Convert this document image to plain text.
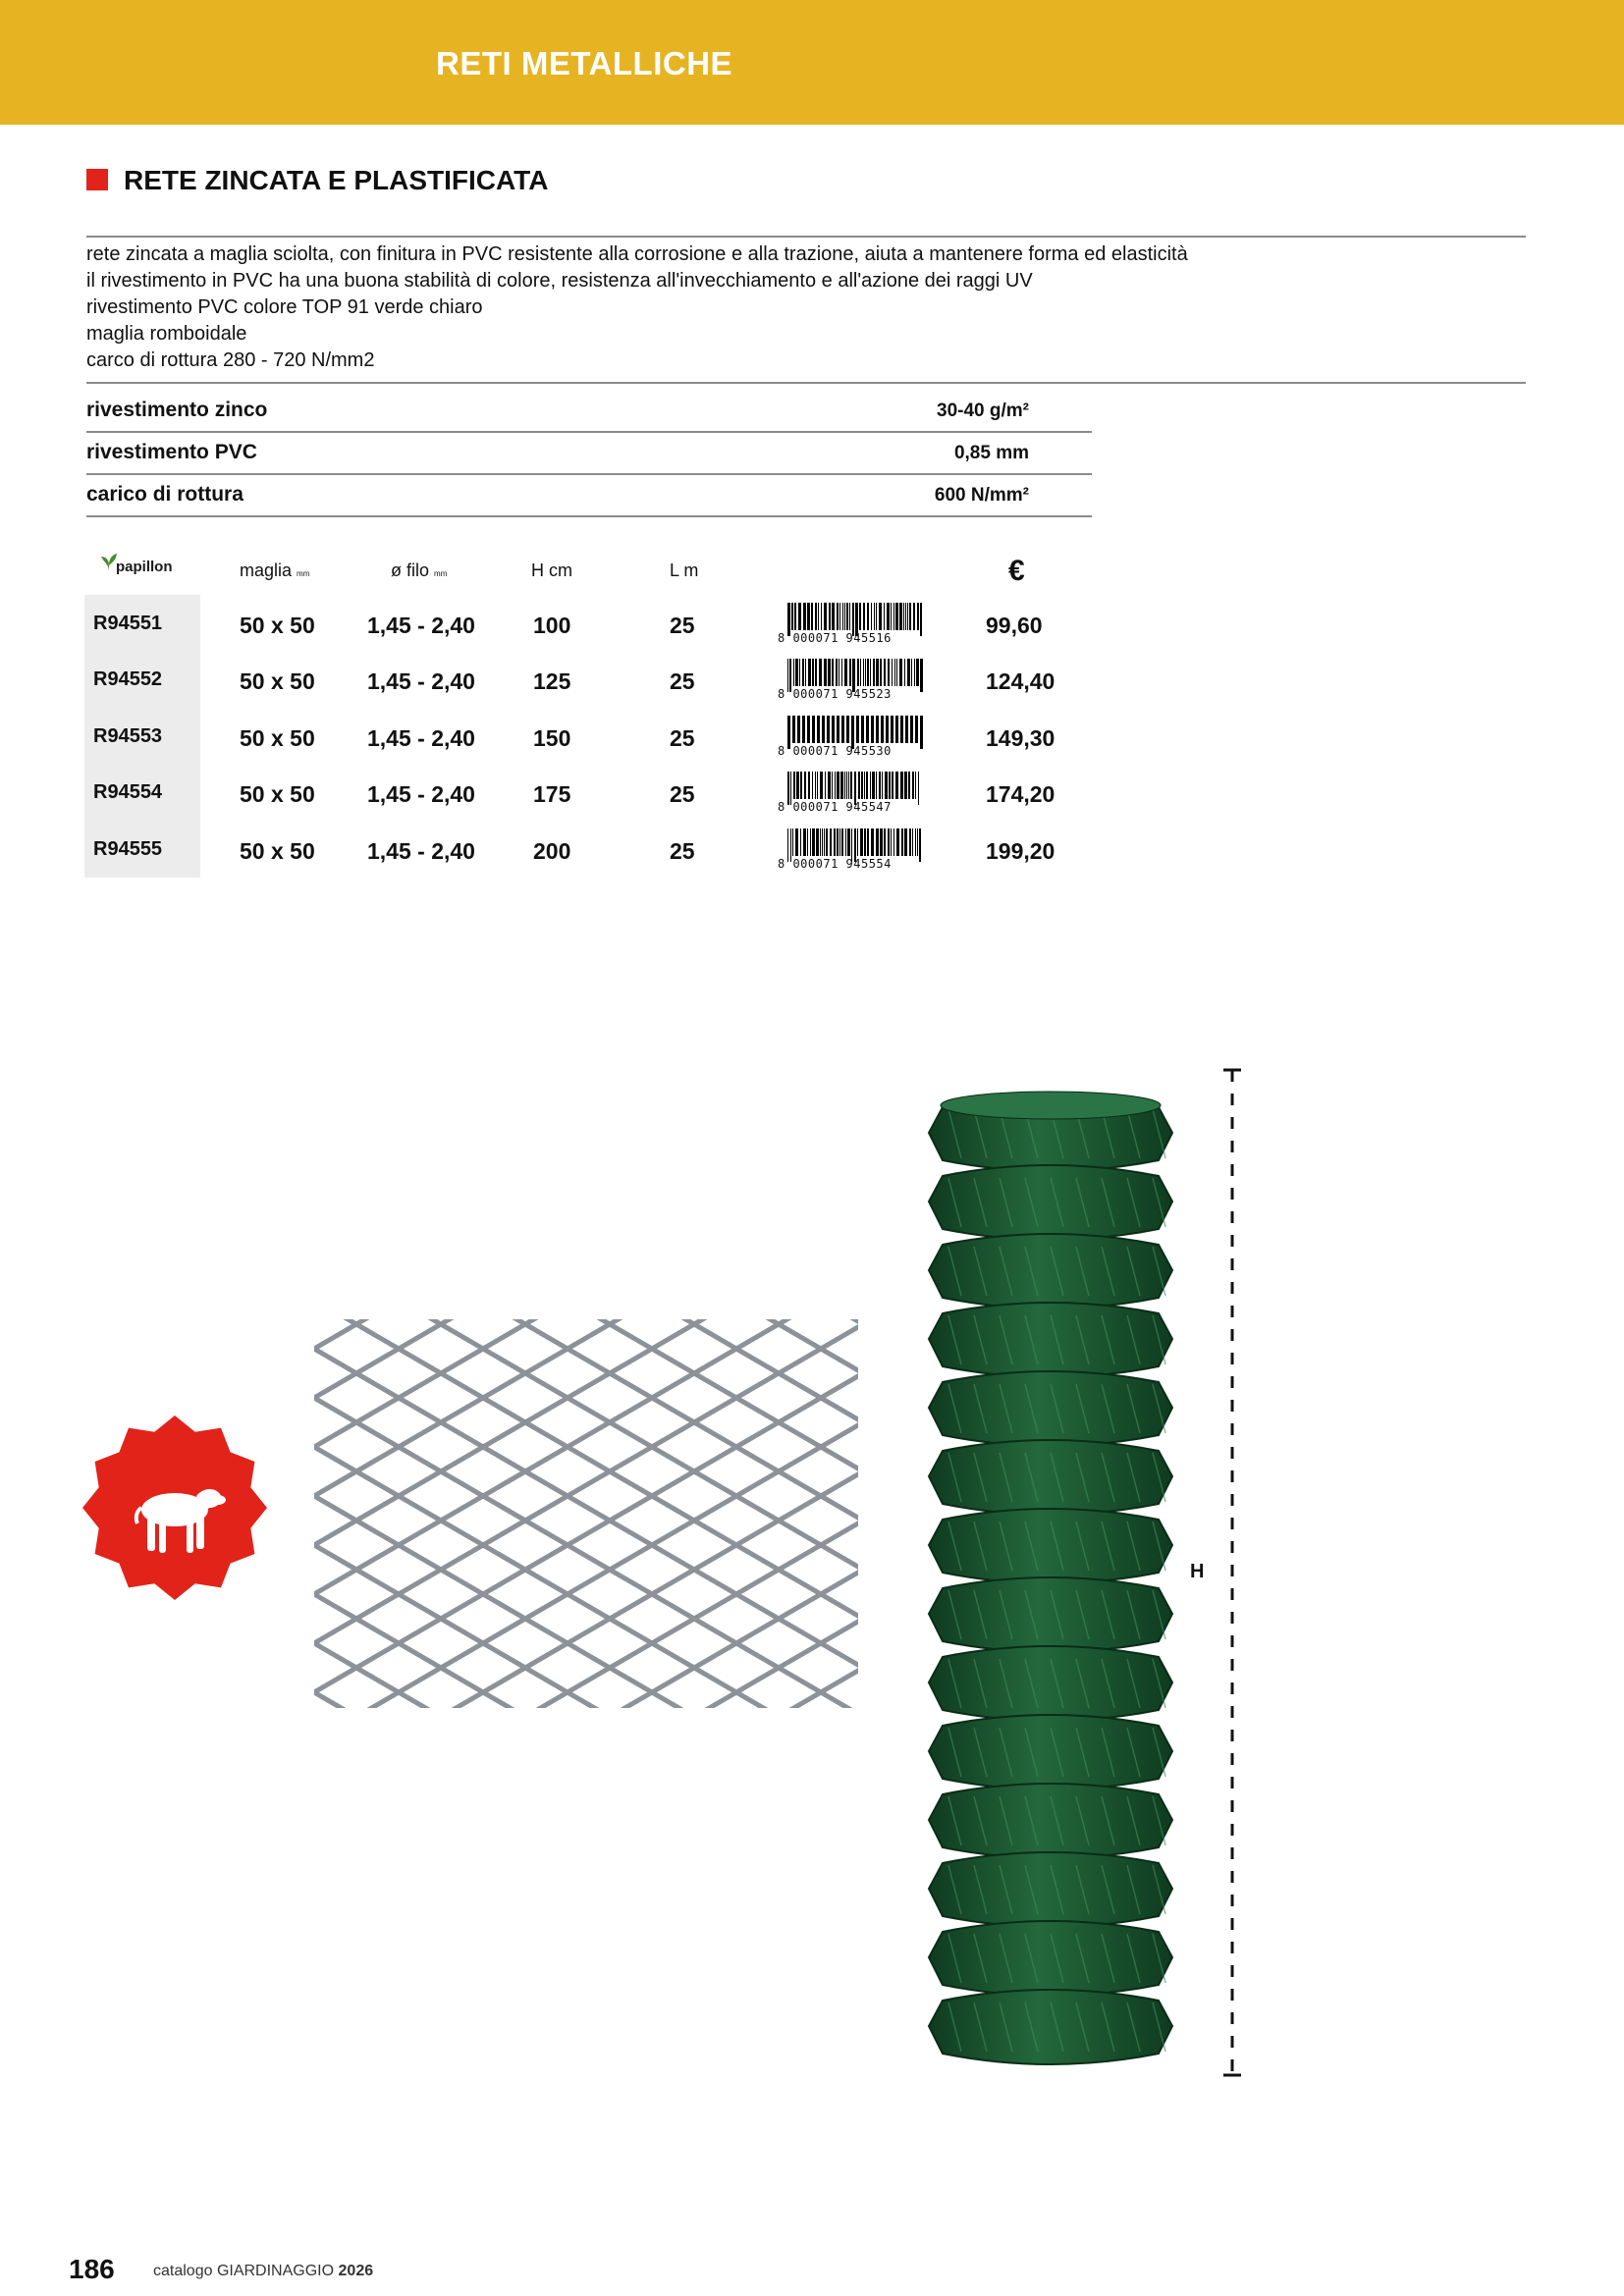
RETI METALLICHE
RETE ZINCATA E PLASTIFICATA
rete zincata a maglia sciolta, con finitura in PVC resistente alla corrosione e alla trazione, aiuta a mantenere forma ed elasticità
il rivestimento in PVC ha una buona stabilità di colore, resistenza all'invecchiamento e all'azione dei raggi UV
rivestimento PVC colore TOP 91 verde chiaro
maglia romboidale
carco di rottura 280 - 720 N/mm2
rivestimento zinco	30-40 g/m²
rivestimento PVC	0,85 mm
carico di rottura	600 N/mm²
papillon	maglia mm	ø filo mm	H cm	L m	€
R94551	50 x 50 1,45 - 2,40	100	25	99,60
8 000071 945516
R94552	50 x 50 1,45 - 2,40	125	25	124,40
8 000071 945523
R94553	50 x 50 1,45 - 2,40	150	25	149,30
8 000071 945530
R94554	50 x 50 1,45 - 2,40	175	25	174,20
8 000071 945547
R94555	50 x 50 1,45 - 2,40	200	25	199,20
8 000071 945554
H
186 catalogo GIARDINAGGIO 2026
